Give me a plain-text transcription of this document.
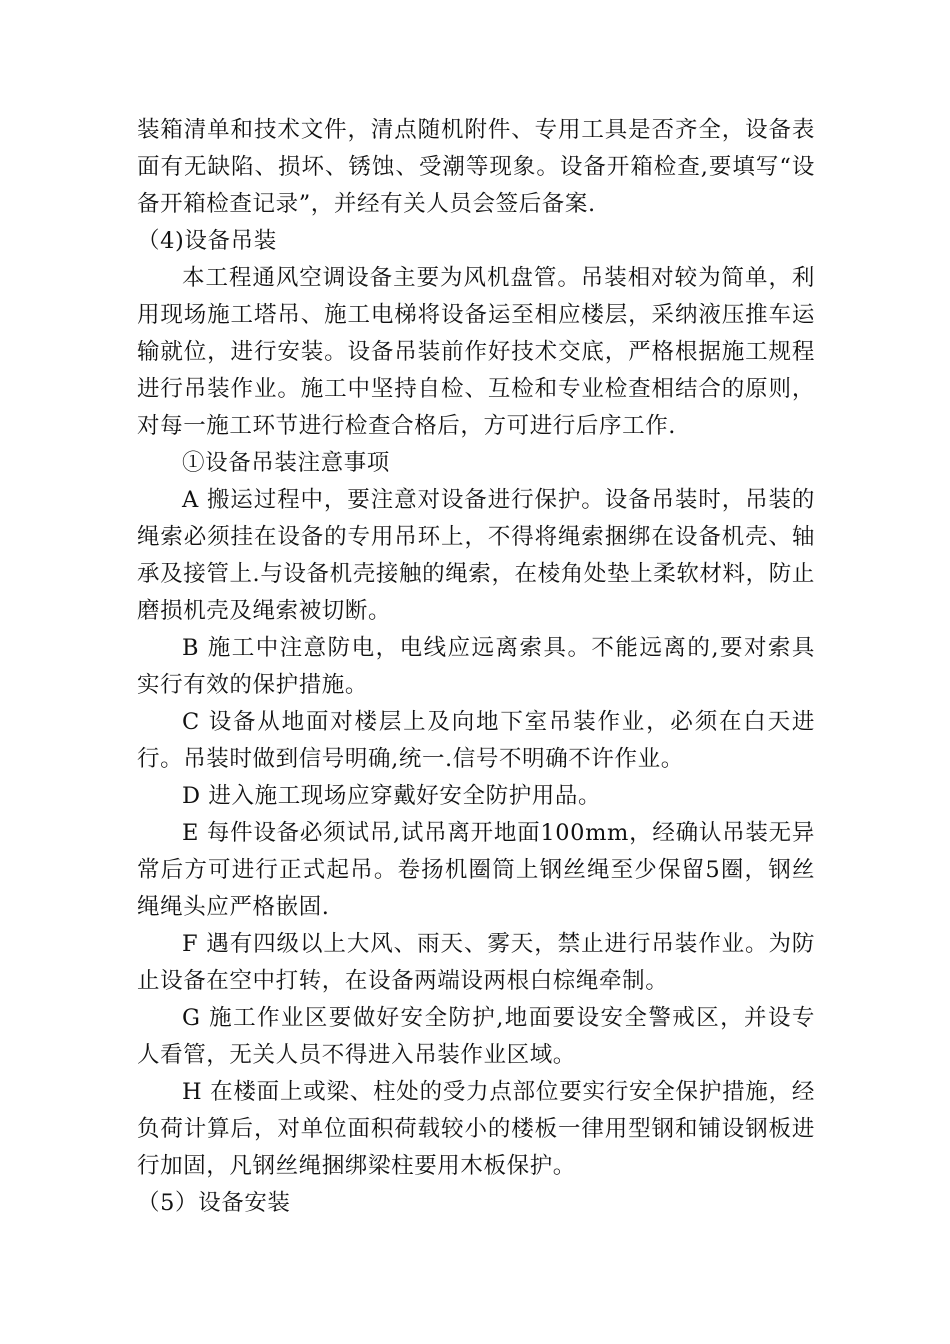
装箱清单和技术文件，清点随机附件、专用工具是否齐全，设备表面有无缺陷、损坏、锈蚀、受潮等现象。设备开箱检查,要填写“设备开箱检查记录”，并经有关人员会签后备案.

（4)设备吊装

本工程通风空调设备主要为风机盘管。吊装相对较为简单，利用现场施工塔吊、施工电梯将设备运至相应楼层，采纳液压推车运输就位，进行安装。设备吊装前作好技术交底，严格根据施工规程进行吊装作业。施工中坚持自检、互检和专业检查相结合的原则，对每一施工环节进行检查合格后，方可进行后序工作.

①设备吊装注意事项

A 搬运过程中，要注意对设备进行保护。设备吊装时，吊装的绳索必须挂在设备的专用吊环上，不得将绳索捆绑在设备机壳、轴承及接管上.与设备机壳接触的绳索，在棱角处垫上柔软材料，防止磨损机壳及绳索被切断。

B 施工中注意防电，电线应远离索具。不能远离的,要对索具实行有效的保护措施。

C 设备从地面对楼层上及向地下室吊装作业，必须在白天进行。吊装时做到信号明确,统一.信号不明确不许作业。

D 进入施工现场应穿戴好安全防护用品。

E 每件设备必须试吊,试吊离开地面100mm，经确认吊装无异常后方可进行正式起吊。卷扬机圈筒上钢丝绳至少保留5圈，钢丝绳绳头应严格嵌固.

F 遇有四级以上大风、雨天、雾天，禁止进行吊装作业。为防止设备在空中打转，在设备两端设两根白棕绳牵制。

G 施工作业区要做好安全防护,地面要设安全警戒区，并设专人看管，无关人员不得进入吊装作业区域。

H 在楼面上或梁、柱处的受力点部位要实行安全保护措施，经负荷计算后，对单位面积荷载较小的楼板一律用型钢和铺设钢板进行加固，凡钢丝绳捆绑梁柱要用木板保护。

（5）设备安装
